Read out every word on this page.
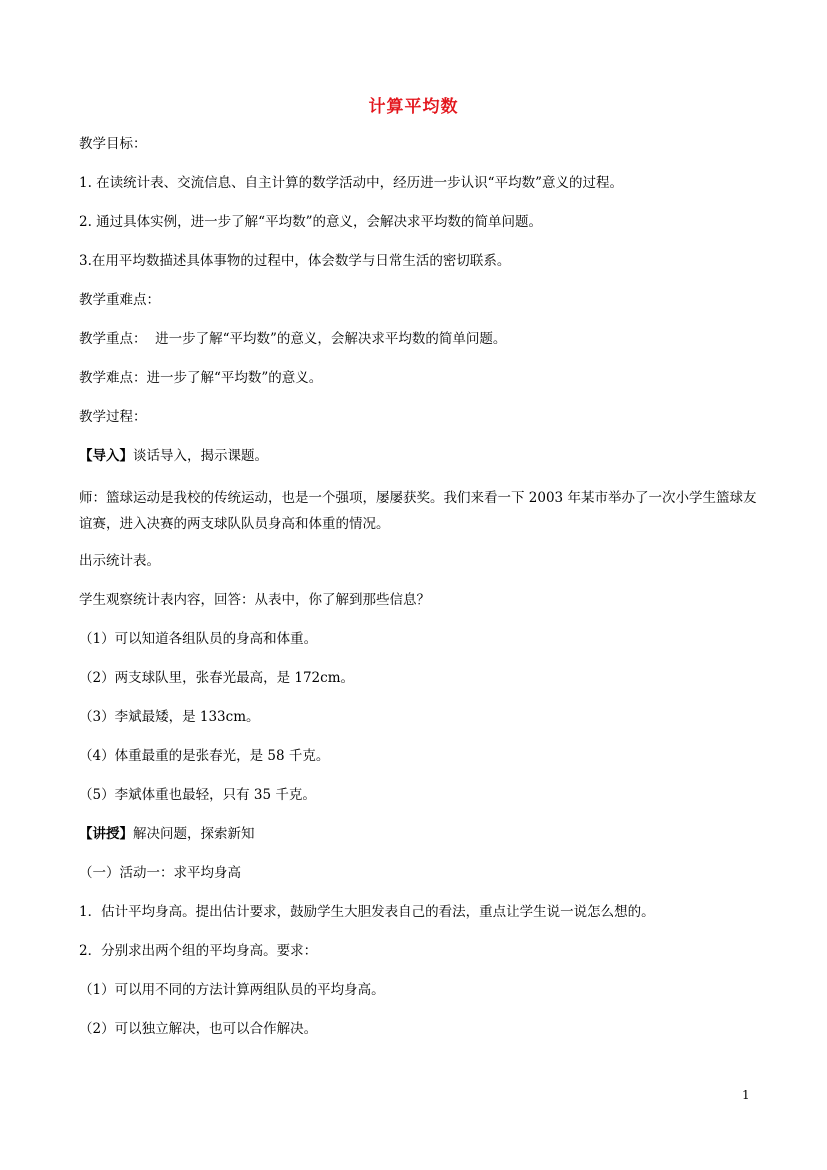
计算平均数
教学目标：
1. 在读统计表、交流信息、自主计算的数学活动中，经历进一步认识“平均数”意义的过程。
2. 通过具体实例，进一步了解“平均数”的意义，会解决求平均数的简单问题。
3.在用平均数描述具体事物的过程中，体会数学与日常生活的密切联系。
教学重难点：
教学重点：  进一步了解“平均数”的意义，会解决求平均数的简单问题。
教学难点：进一步了解“平均数”的意义。
教学过程：
【导入】谈话导入，揭示课题。
师：篮球运动是我校的传统运动，也是一个强项，屡屡获奖。我们来看一下 2003 年某市举办了一次小学生篮球友谊赛，进入决赛的两支球队队员身高和体重的情况。
出示统计表。
学生观察统计表内容，回答：从表中，你了解到那些信息？
（1）可以知道各组队员的身高和体重。
（2）两支球队里，张春光最高，是 172cm。
（3）李斌最矮，是 133cm。
（4）体重最重的是张春光，是 58 千克。
（5）李斌体重也最轻，只有 35 千克。
【讲授】解决问题，探索新知
（一）活动一：求平均身高
1．估计平均身高。提出估计要求，鼓励学生大胆发表自己的看法，重点让学生说一说怎么想的。
2．分别求出两个组的平均身高。要求：
（1）可以用不同的方法计算两组队员的平均身高。
（2）可以独立解决，也可以合作解决。
1
